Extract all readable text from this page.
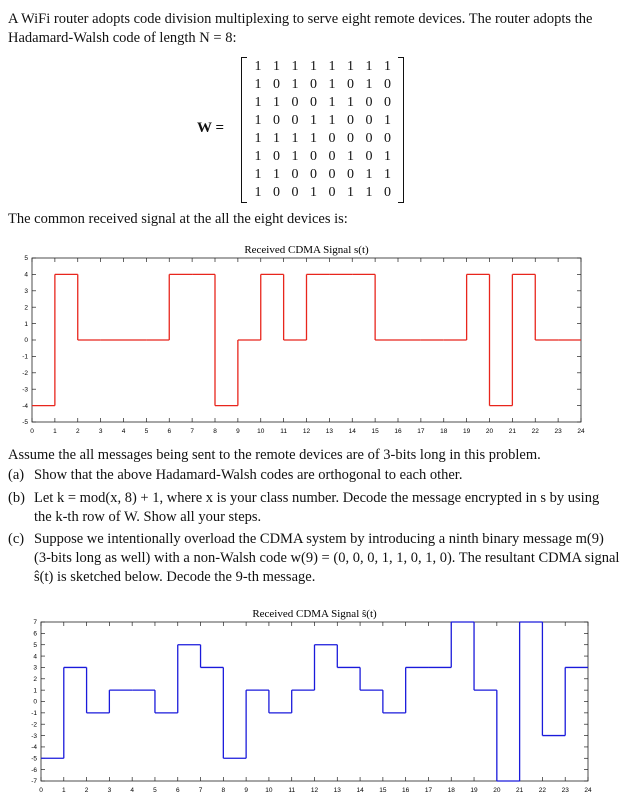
A WiFi router adopts code division multiplexing to serve eight remote devices. The router adopts the Hadamard-Walsh code of length N = 8:
W =
1 1 1 1 1 1 1 1
1 0 1 0 1 0 1 0
1 1 0 0 1 1 0 0
1 0 0 1 1 0 0 1
1 1 1 1 0 0 0 0
1 0 1 0 0 1 0 1
1 1 0 0 0 0 1 1
1 0 0 1 0 1 1 0
The common received signal at the all the eight devices is:
Received CDMA Signal s(t)
0	1	2	3	4	5	6	7	8	9	10 11 12 13 14 15 16 17 18 19 20 21 22 23 24
-5
-4
-3
-2
-1
0
1
2
3
4
5
Assume the all messages being sent to the remote devices are of 3-bits long in this problem.
(a) Show that the above Hadamard-Walsh codes are orthogonal to each other.
(b) Let k = mod(x, 8) + 1, where x is your class number. Decode the message encrypted in s by using the k-th row of W. Show all your steps.
(c) Suppose we intentionally overload the CDMA system by introducing a ninth binary message m(9) (3-bits long as well) with a non-Walsh code w(9) = (0, 0, 0, 1, 1, 0, 1, 0). The resultant CDMA signal ŝ(t) is sketched below. Decode the 9-th message.
Received CDMA Signal ŝ(t)
0	1	2	3	4	5	6	7	8	9	10 11 12 13 14 15 16 17 18 19 20 21 22 23 24
-7
-6
-5
-4
-3
-2
-1
0
1
2
3
4
5
6
7
